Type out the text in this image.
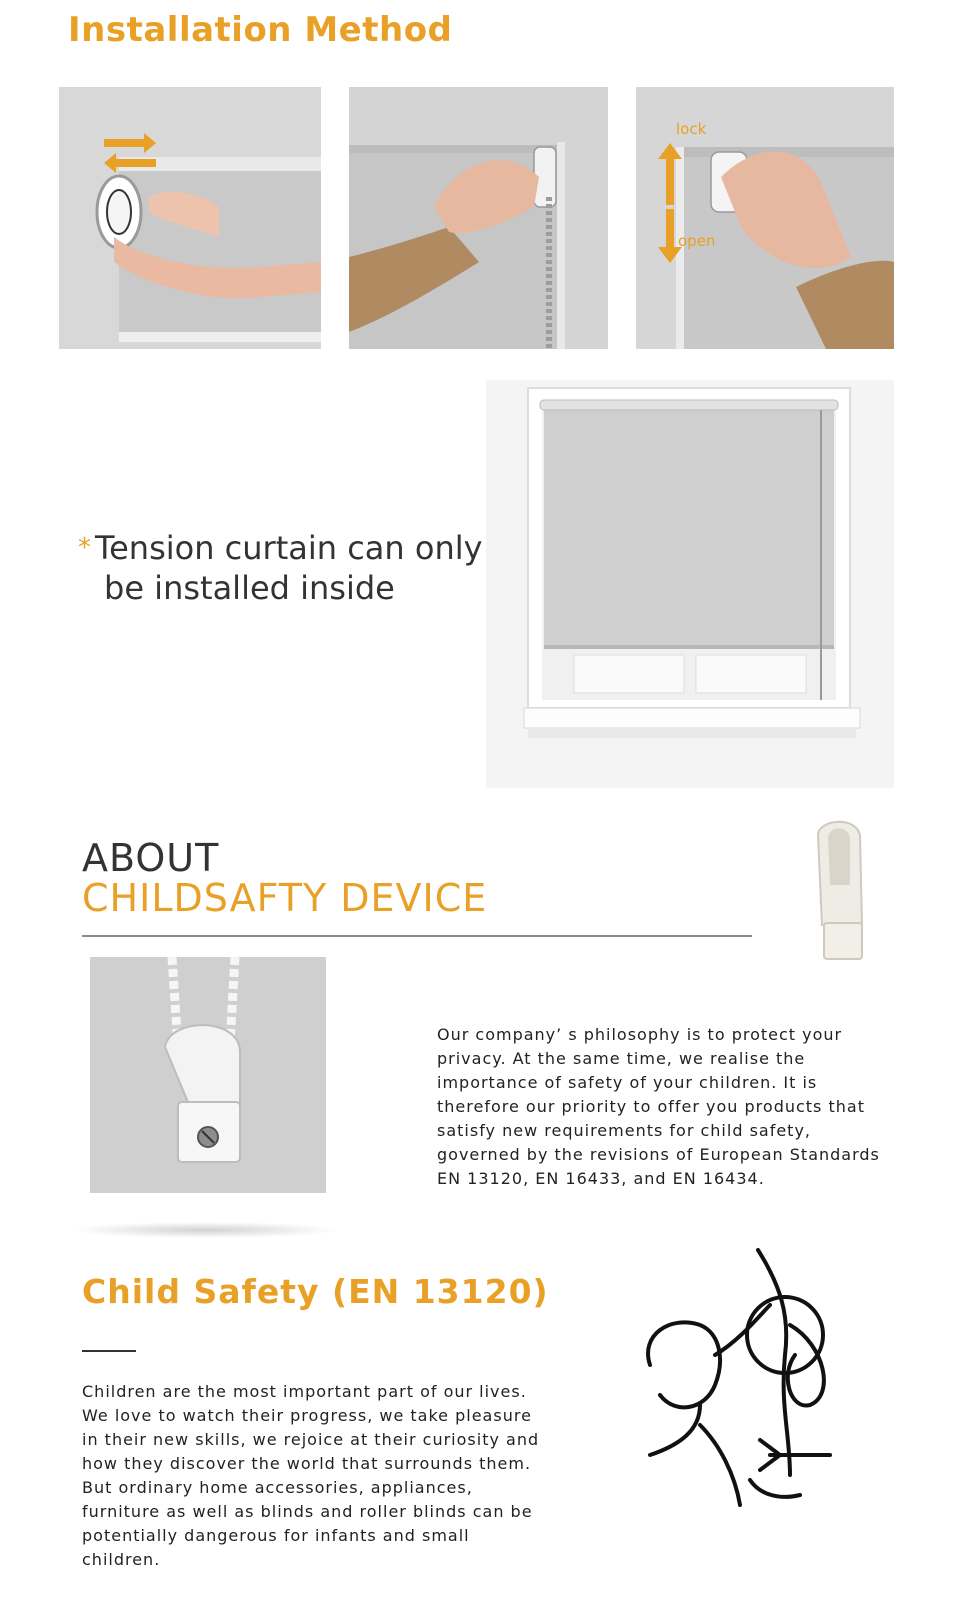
Installation Method
lock
open
* Tension curtain can only
be installed inside
ABOUT
CHILDSAFTY DEVICE
Our company’ s philosophy is to protect your privacy. At the same time, we realise the importance of safety of your children. It is therefore our priority to offer you products that satisfy new requirements for child safety, governed by the revisions of European Standards EN 13120, EN 16433, and EN 16434.
Child Safety (EN 13120)
Children are the most important part of our lives. We love to watch their progress, we take pleasure in their new skills, we rejoice at their curiosity and how they discover the world that surrounds them. But ordinary home accessories, appliances, furniture as well as blinds and roller blinds can be potentially dangerous for infants and small children.
